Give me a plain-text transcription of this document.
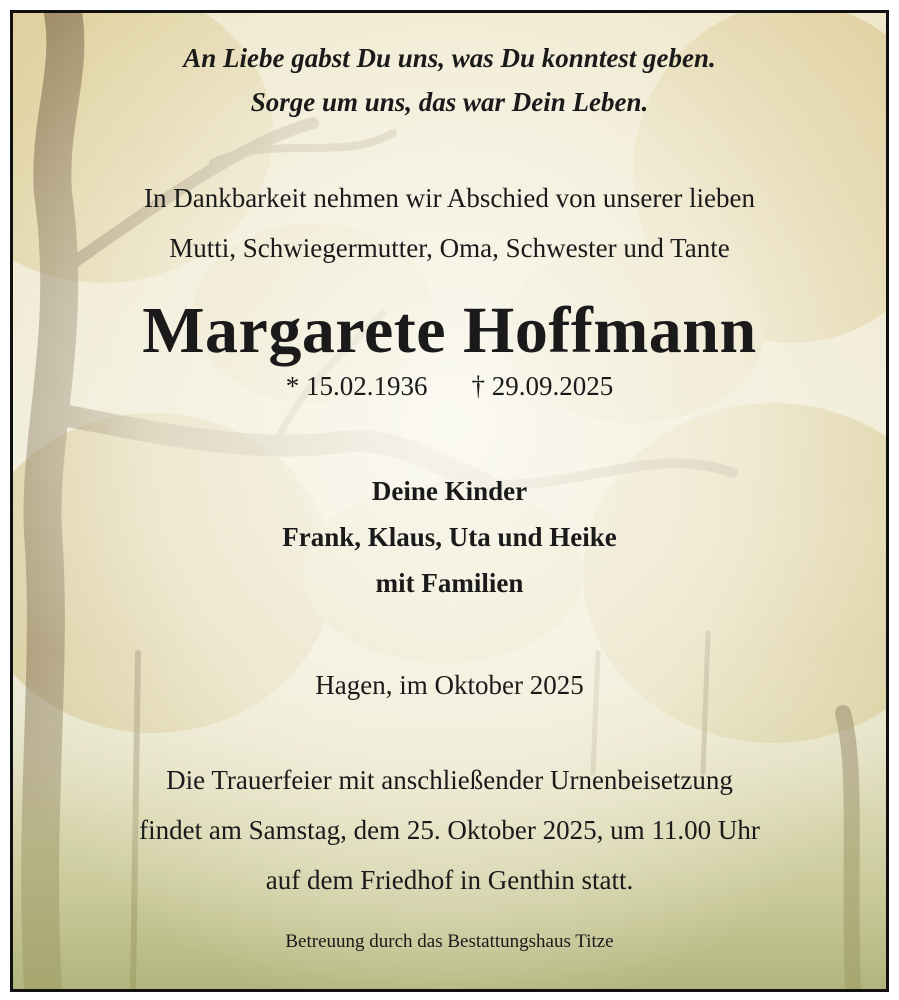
An Liebe gabst Du uns, was Du konntest geben.
Sorge um uns, das war Dein Leben.
In Dankbarkeit nehmen wir Abschied von unserer lieben
Mutti, Schwiegermutter, Oma, Schwester und Tante
Margarete Hoffmann
* 15.02.1936 † 29.09.2025
Deine Kinder
Frank, Klaus, Uta und Heike
mit Familien
Hagen, im Oktober 2025
Die Trauerfeier mit anschließender Urnenbeisetzung
findet am Samstag, dem 25. Oktober 2025, um 11.00 Uhr
auf dem Friedhof in Genthin statt.
Betreuung durch das Bestattungshaus Titze
